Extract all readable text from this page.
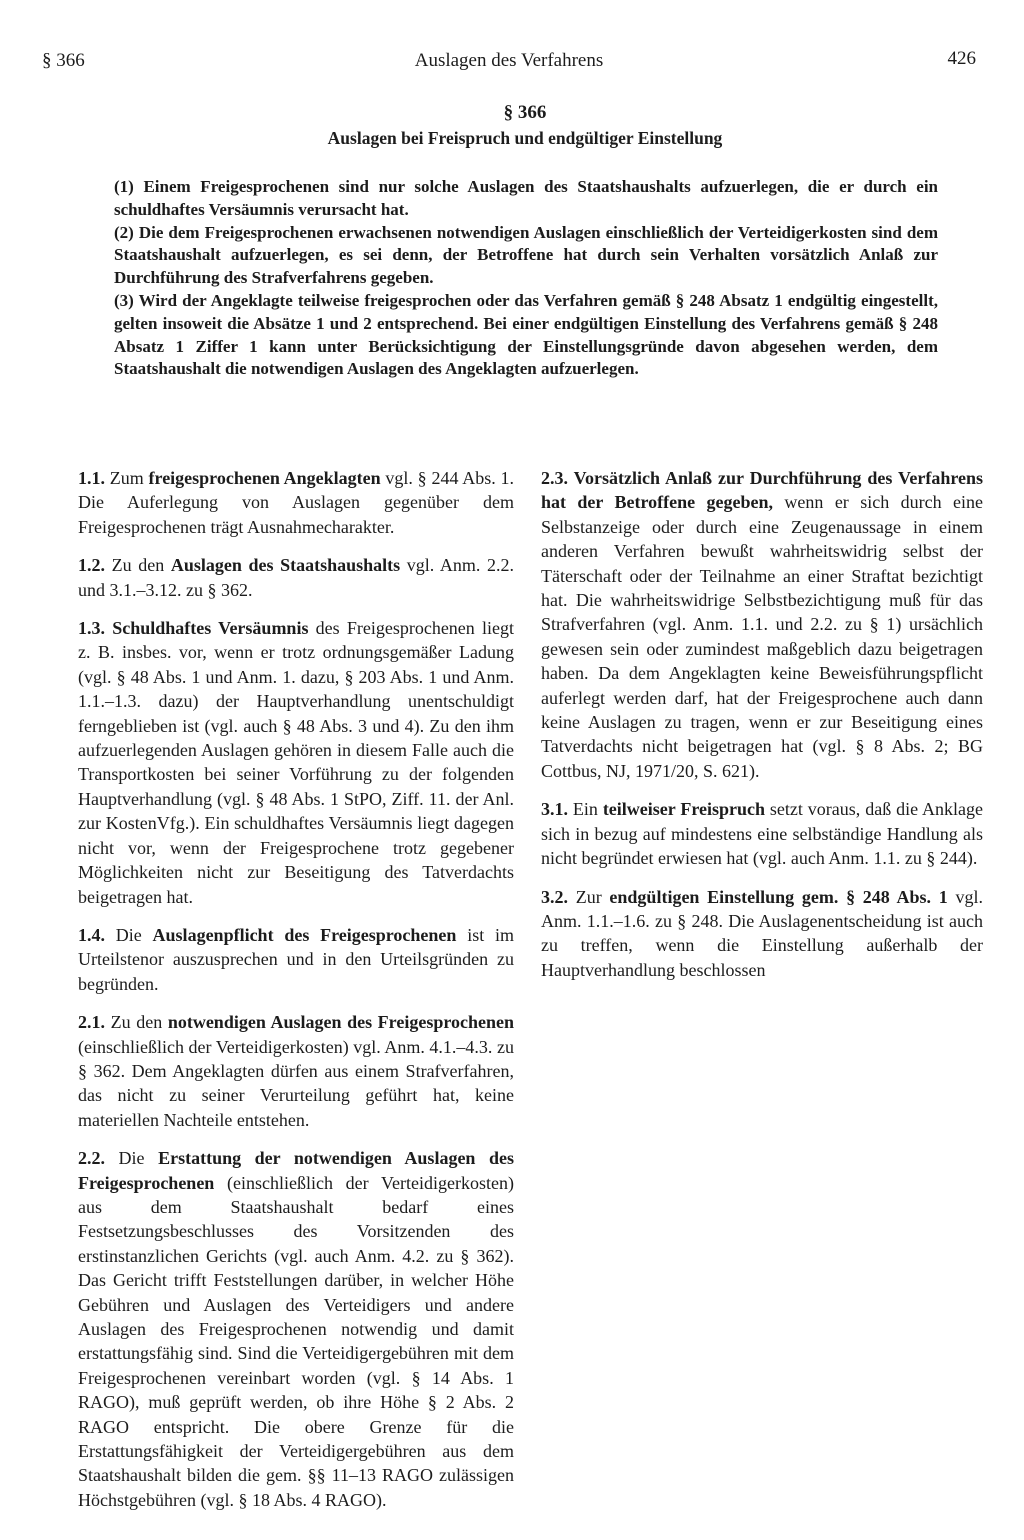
§ 366	Auslagen des Verfahrens	426
§ 366
Auslagen bei Freispruch und endgültiger Einstellung

(1) Einem Freigesprochenen sind nur solche Auslagen des Staatshaushalts aufzuerlegen, die er durch ein schuldhaftes Versäumnis verursacht hat.

(2) Die dem Freigesprochenen erwachsenen notwendigen Auslagen einschließlich der Verteidigerkosten sind dem Staatshaushalt aufzuerlegen, es sei denn, der Betroffene hat durch sein Verhalten vorsätzlich Anlaß zur Durchführung des Strafverfahrens gegeben.

(3) Wird der Angeklagte teilweise freigesprochen oder das Verfahren gemäß § 248 Absatz 1 endgültig eingestellt, gelten insoweit die Absätze 1 und 2 entsprechend. Bei einer endgültigen Einstellung des Verfahrens gemäß § 248 Absatz 1 Ziffer 1 kann unter Berücksichtigung der Einstellungsgründe davon abgesehen werden, dem Staatshaushalt die notwendigen Auslagen des Angeklagten aufzuerlegen.

1.1. Zum freigesprochenen Angeklagten vgl. § 244 Abs. 1. Die Auferlegung von Auslagen gegenüber dem Freigesprochenen trägt Ausnahmecharakter.

1.2. Zu den Auslagen des Staatshaushalts vgl. Anm. 2.2. und 3.1.–3.12. zu § 362.

1.3. Schuldhaftes Versäumnis des Freigesprochenen liegt z. B. insbes. vor, wenn er trotz ordnungsgemäßer Ladung (vgl. § 48 Abs. 1 und Anm. 1. dazu, § 203 Abs. 1 und Anm. 1.1.–1.3. dazu) der Hauptverhandlung unentschuldigt ferngeblieben ist (vgl. auch § 48 Abs. 3 und 4). Zu den ihm aufzuerlegenden Auslagen gehören in diesem Falle auch die Transportkosten bei seiner Vorführung zu der folgenden Hauptverhandlung (vgl. § 48 Abs. 1 StPO, Ziff. 11. der Anl. zur KostenVfg.). Ein schuldhaftes Versäumnis liegt dagegen nicht vor, wenn der Freigesprochene trotz gegebener Möglichkeiten nicht zur Beseitigung des Tatverdachts beigetragen hat.

1.4. Die Auslagenpflicht des Freigesprochenen ist im Urteilstenor auszusprechen und in den Urteilsgründen zu begründen.

2.1. Zu den notwendigen Auslagen des Freigesprochenen (einschließlich der Verteidigerkosten) vgl. Anm. 4.1.–4.3. zu § 362. Dem Angeklagten dürfen aus einem Strafverfahren, das nicht zu seiner Verurteilung geführt hat, keine materiellen Nachteile entstehen.

2.2. Die Erstattung der notwendigen Auslagen des Freigesprochenen (einschließlich der Verteidigerkosten) aus dem Staatshaushalt bedarf eines Festsetzungsbeschlusses des Vorsitzenden des erstinstanzlichen Gerichts (vgl. auch Anm. 4.2. zu § 362). Das Gericht trifft Feststellungen darüber, in welcher Höhe Gebühren und Auslagen des Verteidigers und andere Auslagen des Freigesprochenen notwendig und damit erstattungsfähig sind. Sind die Verteidigergebühren mit dem Freigesprochenen vereinbart worden (vgl. § 14 Abs. 1 RAGO), muß geprüft werden, ob ihre Höhe § 2 Abs. 2 RAGO entspricht. Die obere Grenze für die Erstattungsfähigkeit der Verteidigergebühren aus dem Staatshaushalt bilden die gem. §§ 11–13 RAGO zulässigen Höchstgebühren (vgl. § 18 Abs. 4 RAGO).

2.3. Vorsätzlich Anlaß zur Durchführung des Verfahrens hat der Betroffene gegeben, wenn er sich durch eine Selbstanzeige oder durch eine Zeugenaussage in einem anderen Verfahren bewußt wahrheitswidrig selbst der Täterschaft oder der Teilnahme an einer Straftat bezichtigt hat. Die wahrheitswidrige Selbstbezichtigung muß für das Strafverfahren (vgl. Anm. 1.1. und 2.2. zu § 1) ursächlich gewesen sein oder zumindest maßgeblich dazu beigetragen haben. Da dem Angeklagten keine Beweisführungspflicht auferlegt werden darf, hat der Freigesprochene auch dann keine Auslagen zu tragen, wenn er zur Beseitigung eines Tatverdachts nicht beigetragen hat (vgl. § 8 Abs. 2; BG Cottbus, NJ, 1971/20, S. 621).

3.1. Ein teilweiser Freispruch setzt voraus, daß die Anklage sich in bezug auf mindestens eine selbständige Handlung als nicht begründet erwiesen hat (vgl. auch Anm. 1.1. zu § 244).

3.2. Zur endgültigen Einstellung gem. § 248 Abs. 1 vgl. Anm. 1.1.–1.6. zu § 248. Die Auslagenentscheidung ist auch zu treffen, wenn die Einstellung außerhalb der Hauptverhandlung beschlossen
